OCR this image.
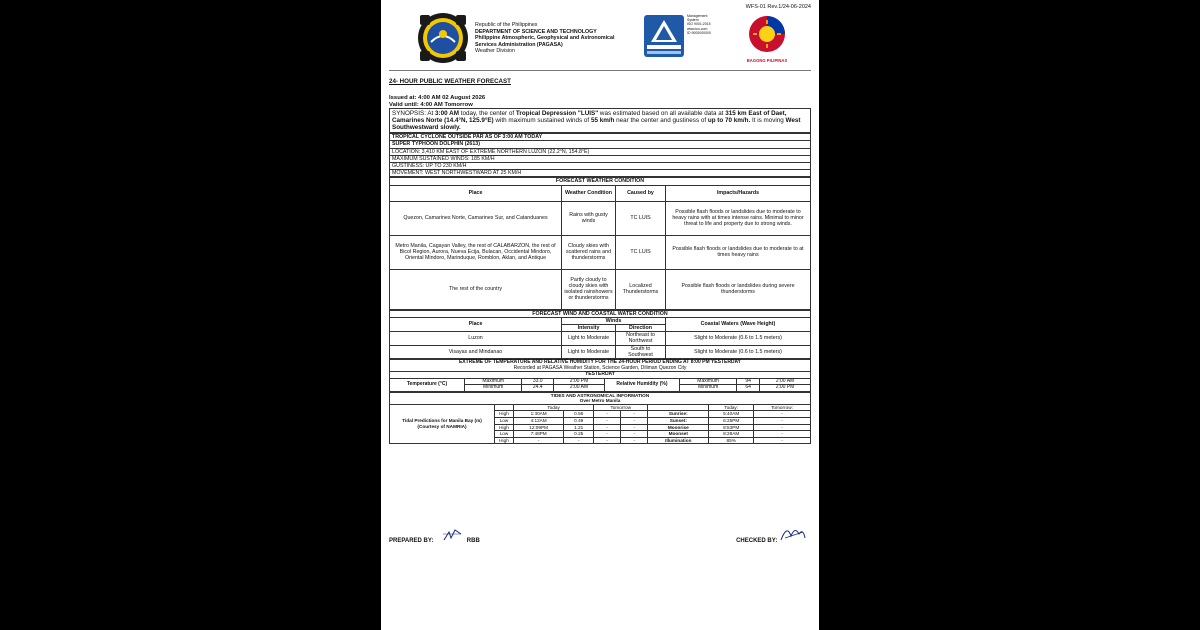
WFS-01 Rev.1/24-06-2024
Republic of the Philippines
DEPARTMENT OF SCIENCE AND TECHNOLOGY
Philippine Atmospheric, Geophysical and Astronomical
Services Administration (PAGASA)
Weather Division
Management
System
ISO 9001:2015
www.tuv.com
ID 9000000000
BAGONG PILIPINAS
24- HOUR PUBLIC WEATHER FORECAST
Issued at: 4:00 AM 02 August 2026
Valid until: 4:00 AM Tomorrow
SYNOPSIS: At 3:00 AM today, the center of Tropical Depression "LUIS" was estimated based on all available data at 315 km East of Daet, Camarines Norte (14.4°N, 125.9°E) with maximum sustained winds of 55 km/h near the center and gustiness of up to 70 km/h. It is moving West Southwestward slowly.
TROPICAL CYCLONE OUTSIDE PAR AS OF 3:00 AM TODAY
SUPER TYPHOON DOLPHIN (2613)
LOCATION: 3,410 KM EAST OF EXTREME NORTHERN LUZON (22.2°N, 154.8°E)
MAXIMUM SUSTAINED WINDS: 185 KM/H
GUSTINESS: UP TO 230 KM/H
MOVEMENT: WEST NORTHWESTWARD AT 25 KM/H
FORECAST WEATHER CONDITION			
Place	Weather Condition	Caused by	Impacts/Hazards
Quezon, Camarines Norte, Camarines Sur, and Catanduanes	Rains with gusty winds	TC LUIS	Possible flash floods or landslides due to moderate to heavy rains with at times intense rains. Minimal to minor threat to life and property due to strong winds.
Metro Manila, Cagayan Valley, the rest of CALABARZON, the rest of Bicol Region, Aurora, Nueva Ecija, Bulacan, Occidental Mindoro, Oriental Mindoro, Marinduque, Romblon, Aklan, and Antique	Cloudy skies with scattered rains and thunderstorms	TC LUIS	Possible flash floods or landslides due to moderate to at times heavy rains
The rest of the country	Partly cloudy to cloudy skies with isolated rainshowers or thunderstorms	Localized Thunderstorms	Possible flash floods or landslides during severe thunderstorms
FORECAST WIND AND COASTAL WATER CONDITION			
Place	Winds		Coastal Waters (Wave Height)
	Intensity	Direction	
Luzon	Light to Moderate	Northeast to Northwest	Slight to Moderate (0.6 to 1.5 meters)
Visayas and Mindanao	Light to Moderate	South to Southwest	Slight to Moderate (0.6 to 1.5 meters)
EXTREME OF TEMPERATURE AND RELATIVE HUMIDITY FOR THE 24-HOUR PERIOD ENDING AT 8:00 PM YESTERDAY
Recorded at PAGASA Weather Station, Science Garden, Diliman Quezon City							

YESTERDAY							
Temperature (°C)	Maximum	33.0	2:00 PM	Relative Humidity (%)	Maximum	94	2:00 AM
	Minimum	24.4	2:00 AM		Minimum	64	2:00 PM
TIDES AND ASTRONOMICAL INFORMATION
Over Metro Manila								

Tidal Predictions for Manila Bay (m) (Courtesy of NAMRIA)		Today		Tomorrow			Today:	Tomorrow:
	High	1:30AM	0.56	-	-	Sunrise:	5:40AM	-
	Low	4:12AM	0.49	-	-	Sunset:	6:25PM	-
	High	12:09PM	1.21	-	-	Moonrise	8:53PM	-
	Low	7:48PM	0.25	-	-	Moonset	8:28AM	-
	High	-	-	-	-	Illumination	85%	-
PREPARED BY:	RBB	CHECKED BY:
